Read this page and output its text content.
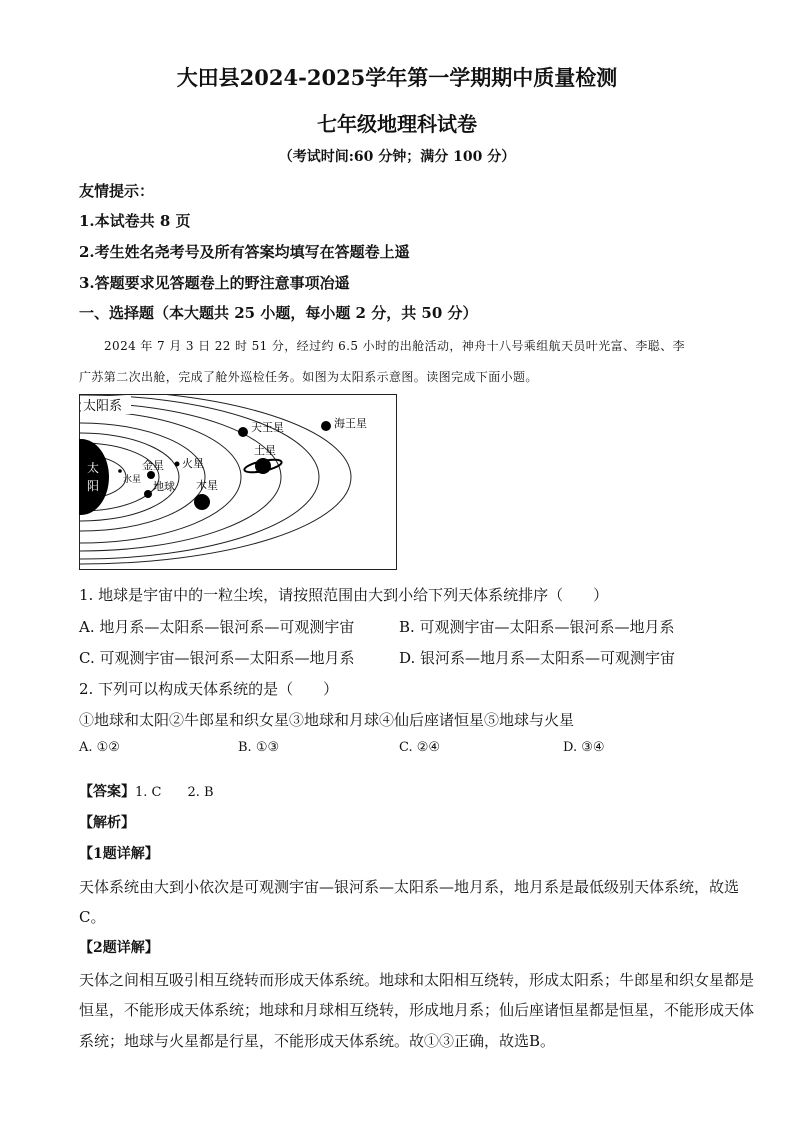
大田县2024-2025学年第一学期期中质量检测
七年级地理科试卷
（考试时间:60 分钟；满分 100 分）
友情提示：
1.本试卷共 8 页
2.考生姓名尧考号及所有答案均填写在答题卷上遥
3.答题要求见答题卷上的野注意事项冶遥
一、选择题（本大题共 25 小题，每小题 2 分，共 50 分）
2024 年 7 月 3 日 22 时 51 分，经过约 6.5 小时的出舱活动，神舟十八号乘组航天员叶光富、李聪、李
广苏第二次出舱，完成了舱外巡检任务。如图为太阳系示意图。读图完成下面小题。
太
阳	水星
金星
地球
火星
木星
土星
天王星	海王星
太阳系
1. 地球是宇宙中的一粒尘埃，请按照范围由大到小给下列天体系统排序（　　）
A. 地月系—太阳系—银河系—可观测宇宙	B. 可观测宇宙—太阳系—银河系—地月系
C. 可观测宇宙—银河系—太阳系—地月系	D. 银河系—地月系—太阳系—可观测宇宙
2. 下列可以构成天体系统的是（　　）
①地球和太阳②牛郎星和织女星③地球和月球④仙后座诸恒星⑤地球与火星
A. ①②	B. ①③	C. ②④	D. ③④
【答案】1. C　　2. B
【解析】
【1题详解】
天体系统由大到小依次是可观测宇宙—银河系—太阳系—地月系，地月系是最低级别天体系统，故选
C。
【2题详解】
天体之间相互吸引相互绕转而形成天体系统。地球和太阳相互绕转，形成太阳系；牛郎星和织女星都是
恒星，不能形成天体系统；地球和月球相互绕转，形成地月系；仙后座诸恒星都是恒星，不能形成天体
系统；地球与火星都是行星，不能形成天体系统。故①③正确，故选B。
